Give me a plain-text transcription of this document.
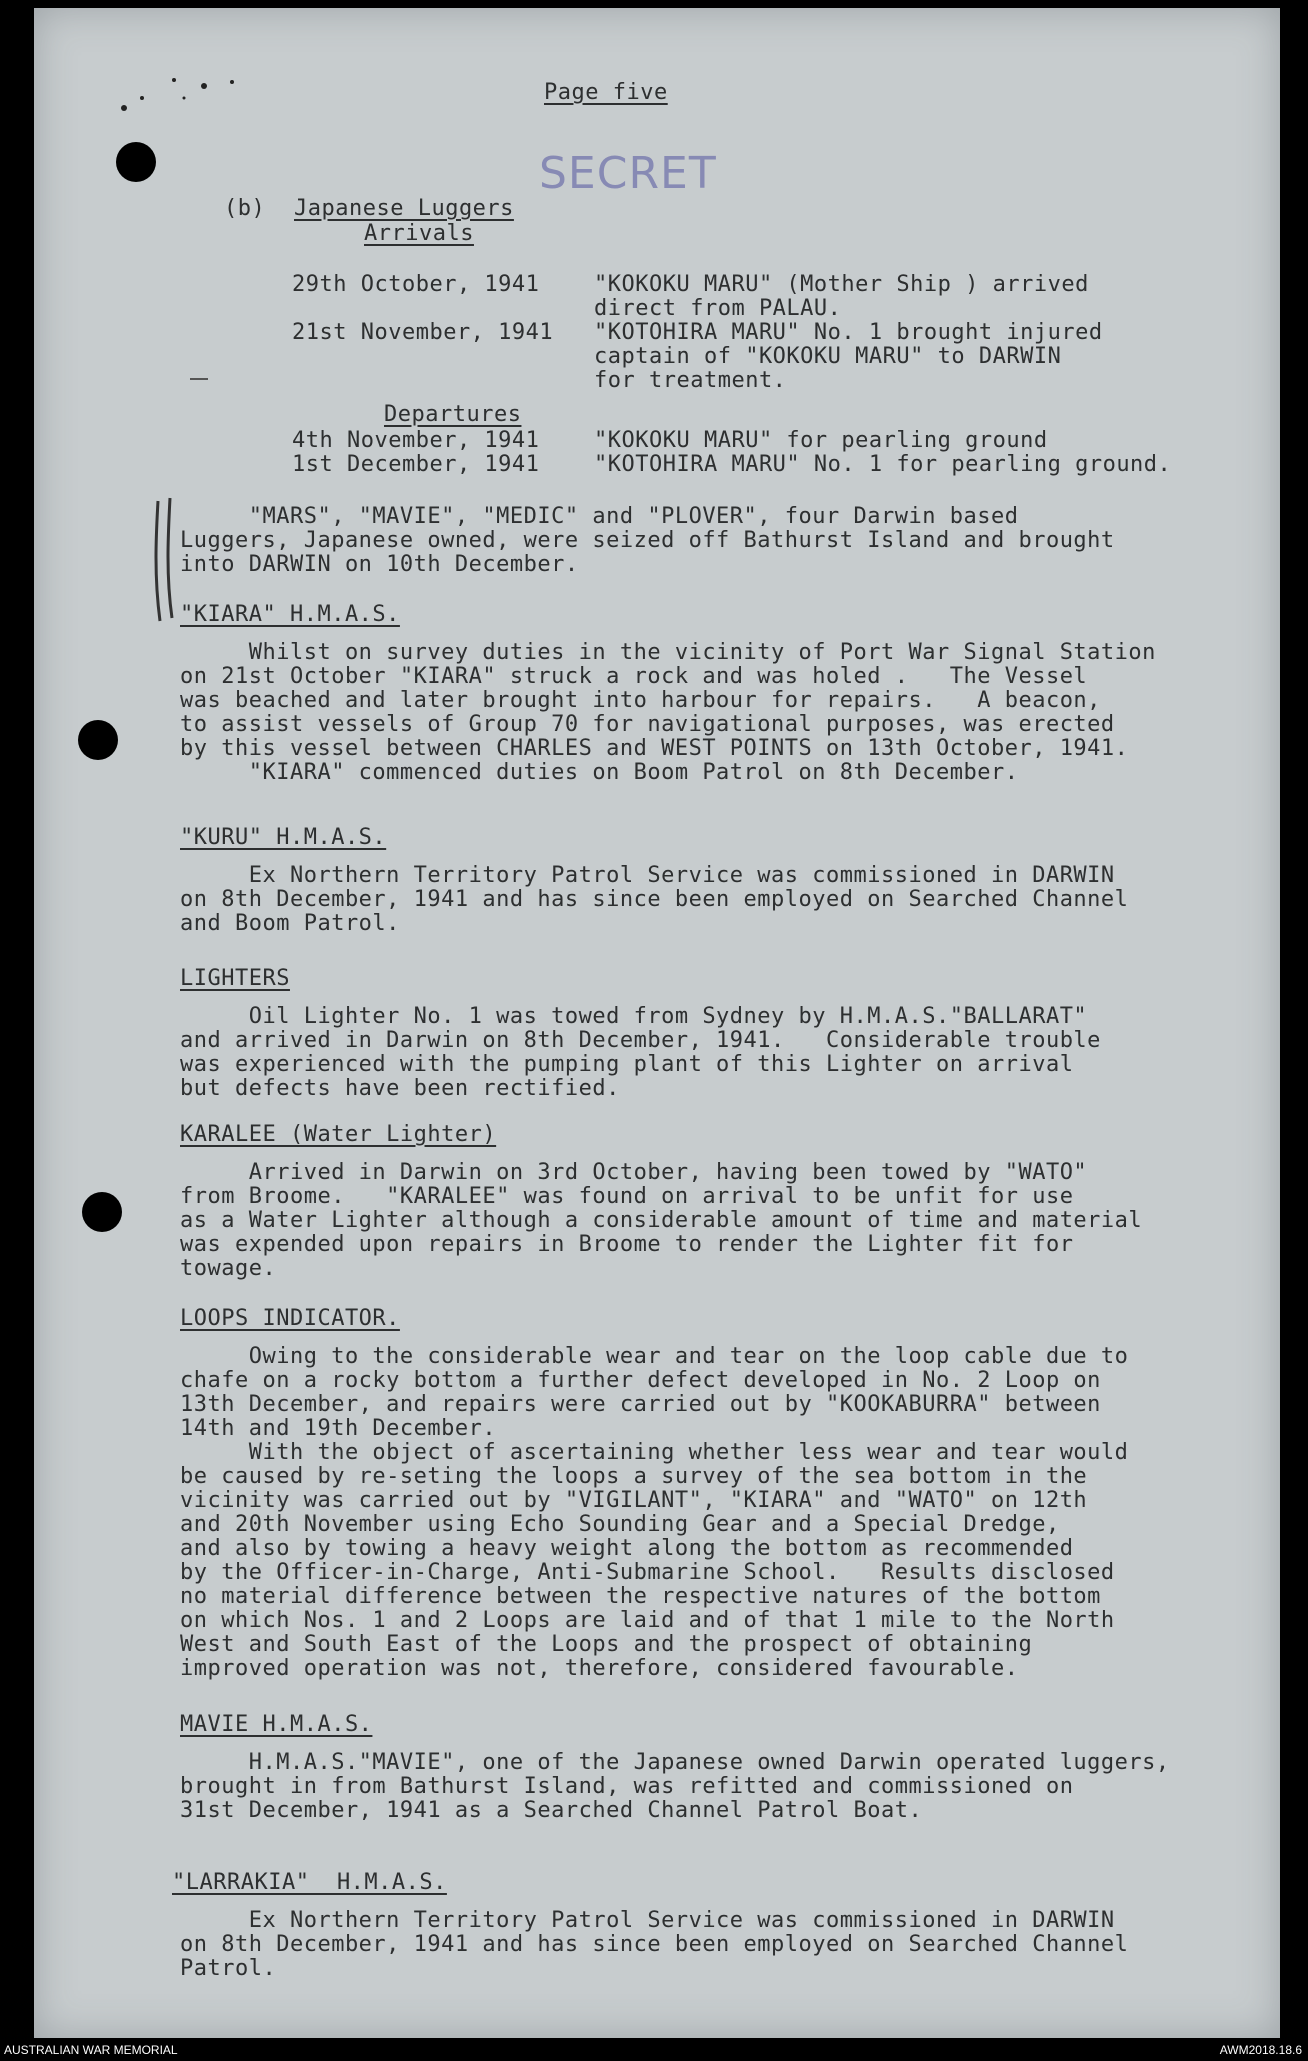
SECRET
Page five
(b) Japanese Luggers
Arrivals
29th October, 1941 "KOKOKU MARU" (Mother Ship ) arrived
direct from PALAU.
21st November, 1941 "KOTOHIRA MARU" No. 1 brought injured
captain of "KOKOKU MARU" to DARWIN
for treatment.
Departures
4th November, 1941 "KOKOKU MARU" for pearling ground
1st December, 1941 "KOTOHIRA MARU" No. 1 for pearling ground.
"MARS", "MAVIE", "MEDIC" and "PLOVER", four Darwin based
Luggers, Japanese owned, were seized off Bathurst Island and brought
into DARWIN on 10th December.
"KIARA" H.M.A.S.
Whilst on survey duties in the vicinity of Port War Signal Station
on 21st October "KIARA" struck a rock and was holed .   The Vessel
was beached and later brought into harbour for repairs.   A beacon,
to assist vessels of Group 70 for navigational purposes, was erected
by this vessel between CHARLES and WEST POINTS on 13th October, 1941.
"KIARA" commenced duties on Boom Patrol on 8th December.
"KURU" H.M.A.S.
Ex Northern Territory Patrol Service was commissioned in DARWIN
on 8th December, 1941 and has since been employed on Searched Channel
and Boom Patrol.
LIGHTERS
Oil Lighter No. 1 was towed from Sydney by H.M.A.S."BALLARAT"
and arrived in Darwin on 8th December, 1941.   Considerable trouble
was experienced with the pumping plant of this Lighter on arrival
but defects have been rectified.
KARALEE (Water Lighter)
Arrived in Darwin on 3rd October, having been towed by "WATO"
from Broome.   "KARALEE" was found on arrival to be unfit for use
as a Water Lighter although a considerable amount of time and material
was expended upon repairs in Broome to render the Lighter fit for
towage.
LOOPS INDICATOR.
Owing to the considerable wear and tear on the loop cable due to
chafe on a rocky bottom a further defect developed in No. 2 Loop on
13th December, and repairs were carried out by "KOOKABURRA" between
14th and 19th December.
With the object of ascertaining whether less wear and tear would
be caused by re-seting the loops a survey of the sea bottom in the
vicinity was carried out by "VIGILANT", "KIARA" and "WATO" on 12th
and 20th November using Echo Sounding Gear and a Special Dredge,
and also by towing a heavy weight along the bottom as recommended
by the Officer-in-Charge, Anti-Submarine School.   Results disclosed
no material difference between the respective natures of the bottom
on which Nos. 1 and 2 Loops are laid and of that 1 mile to the North
West and South East of the Loops and the prospect of obtaining
improved operation was not, therefore, considered favourable.
MAVIE H.M.A.S.
H.M.A.S."MAVIE", one of the Japanese owned Darwin operated luggers,
brought in from Bathurst Island, was refitted and commissioned on
31st December, 1941 as a Searched Channel Patrol Boat.
"LARRAKIA"  H.M.A.S.
Ex Northern Territory Patrol Service was commissioned in DARWIN
on 8th December, 1941 and has since been employed on Searched Channel
Patrol.
AUSTRALIAN WAR MEMORIAL	AWM2018.18.6
